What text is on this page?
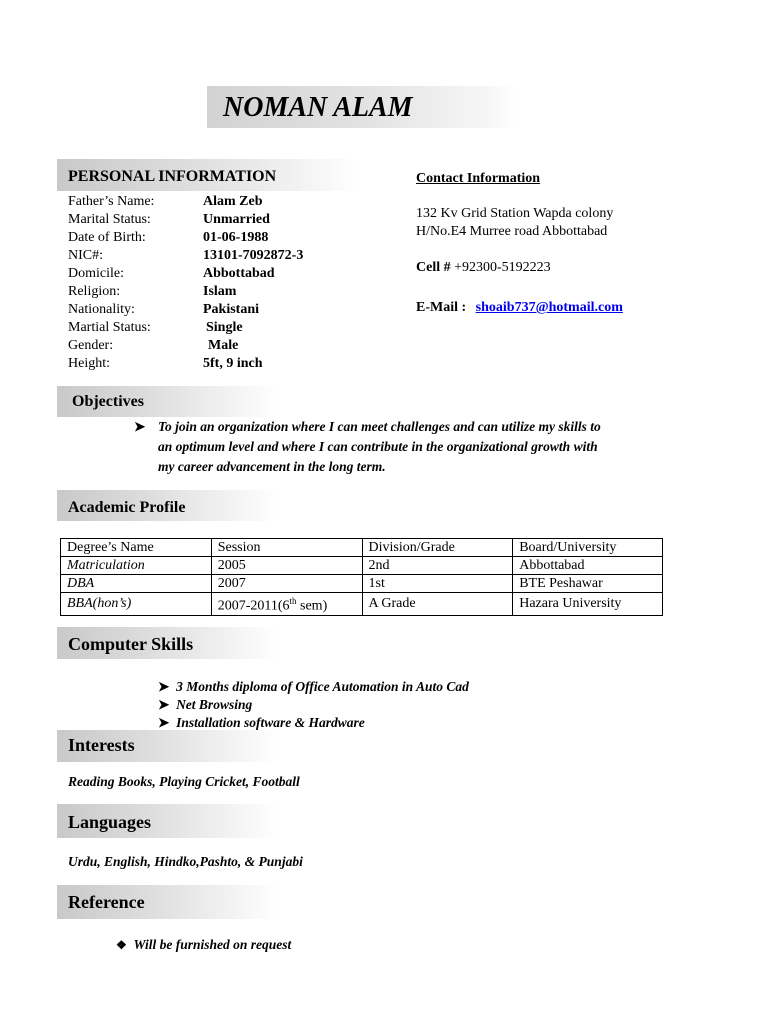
NOMAN ALAM
PERSONAL INFORMATION
Father’s Name:	Alam Zeb
Marital Status:	Unmarried
Date of Birth:	01-06-1988
NIC#:	13101-7092872-3
Domicile:	Abbottabad
Religion:	Islam
Nationality:	Pakistani
Martial Status:	Single
Gender:	Male
Height:	5ft, 9 inch
Contact Information
132 Kv Grid Station Wapda colony
H/No.E4 Murree road Abbottabad
Cell # +92300-5192223
E-Mail : shoaib737@hotmail.com
Objectives
➤ To join an organization where I can meet challenges and can utilize my skills to
an optimum level and where I can contribute in the organizational growth with
my career advancement in the long term.
Academic Profile
Degree’s Name	Session	Division/Grade	Board/University
Matriculation	2005	2nd	Abbottabad
DBA	2007	1st	BTE Peshawar
BBA(hon’s)	2007-2011(6th sem)	A Grade	Hazara University
Computer Skills
➤ 3 Months diploma of Office Automation in Auto Cad
➤ Net Browsing
➤ Installation software & Hardware
Interests
Reading Books, Playing Cricket, Football
Languages
Urdu, English, Hindko,Pashto, & Punjabi
Reference
❖ Will be furnished on request
